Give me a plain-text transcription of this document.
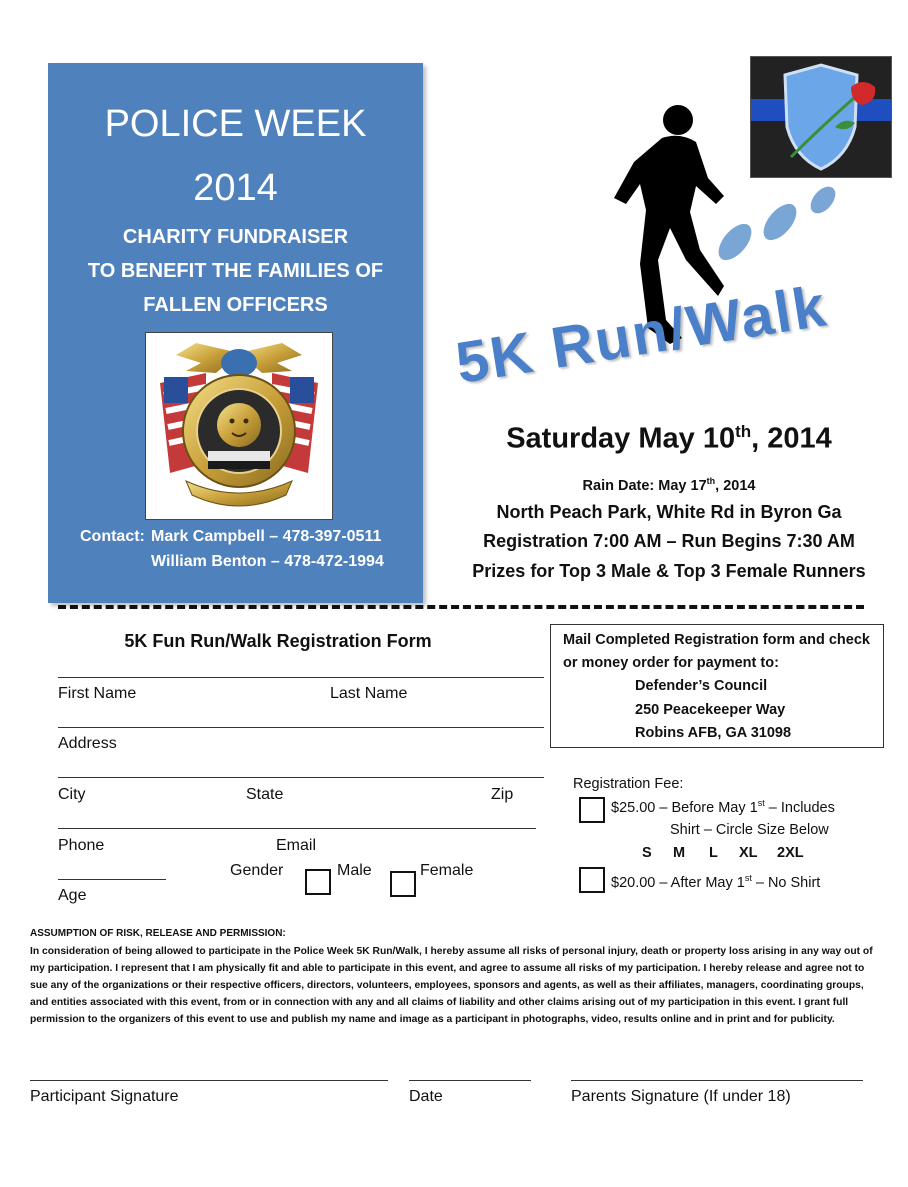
POLICE WEEK
2014
CHARITY FUNDRAISER
TO BENEFIT THE FAMILIES OF
FALLEN OFFICERS
Contact: Mark Campbell – 478-397-0511
William Benton – 478-472-1994
5K Run/Walk
Saturday May 10th, 2014
Rain Date: May 17th, 2014
North Peach Park, White Rd in Byron Ga
Registration 7:00 AM – Run Begins 7:30 AM
Prizes for Top 3 Male & Top 3 Female Runners
5K Fun Run/Walk Registration Form
First Name	Last Name
Address
City	State	Zip
Phone	Email
Gender	Male	Female
Age
Mail Completed Registration form and check
or money order for payment to:
Defender’s Council
250 Peacekeeper Way
Robins AFB, GA 31098
Registration Fee:
$25.00 – Before May 1st – Includes
Shirt – Circle Size Below
S M L XL 2XL
$20.00 – After May 1st – No Shirt
ASSUMPTION OF RISK, RELEASE AND PERMISSION:
In consideration of being allowed to participate in the Police Week 5K Run/Walk, I hereby assume all risks of personal injury, death or property loss arising in any way out of my participation. I represent that I am physically fit and able to participate in this event, and agree to assume all risks of my participation. I hereby release and agree not to sue any of the organizations or their respective officers, directors, volunteers, employees, sponsors and agents, as well as their affiliates, managers, coordinating groups, and entities associated with this event, from or in connection with any and all claims of liability and other claims arising out of my participation in this event. I grant full permission to the organizers of this event to use and publish my name and image as a participant in photographs, video, results online and in print and for publicity.
Participant Signature	Date	Parents Signature (If under 18)
